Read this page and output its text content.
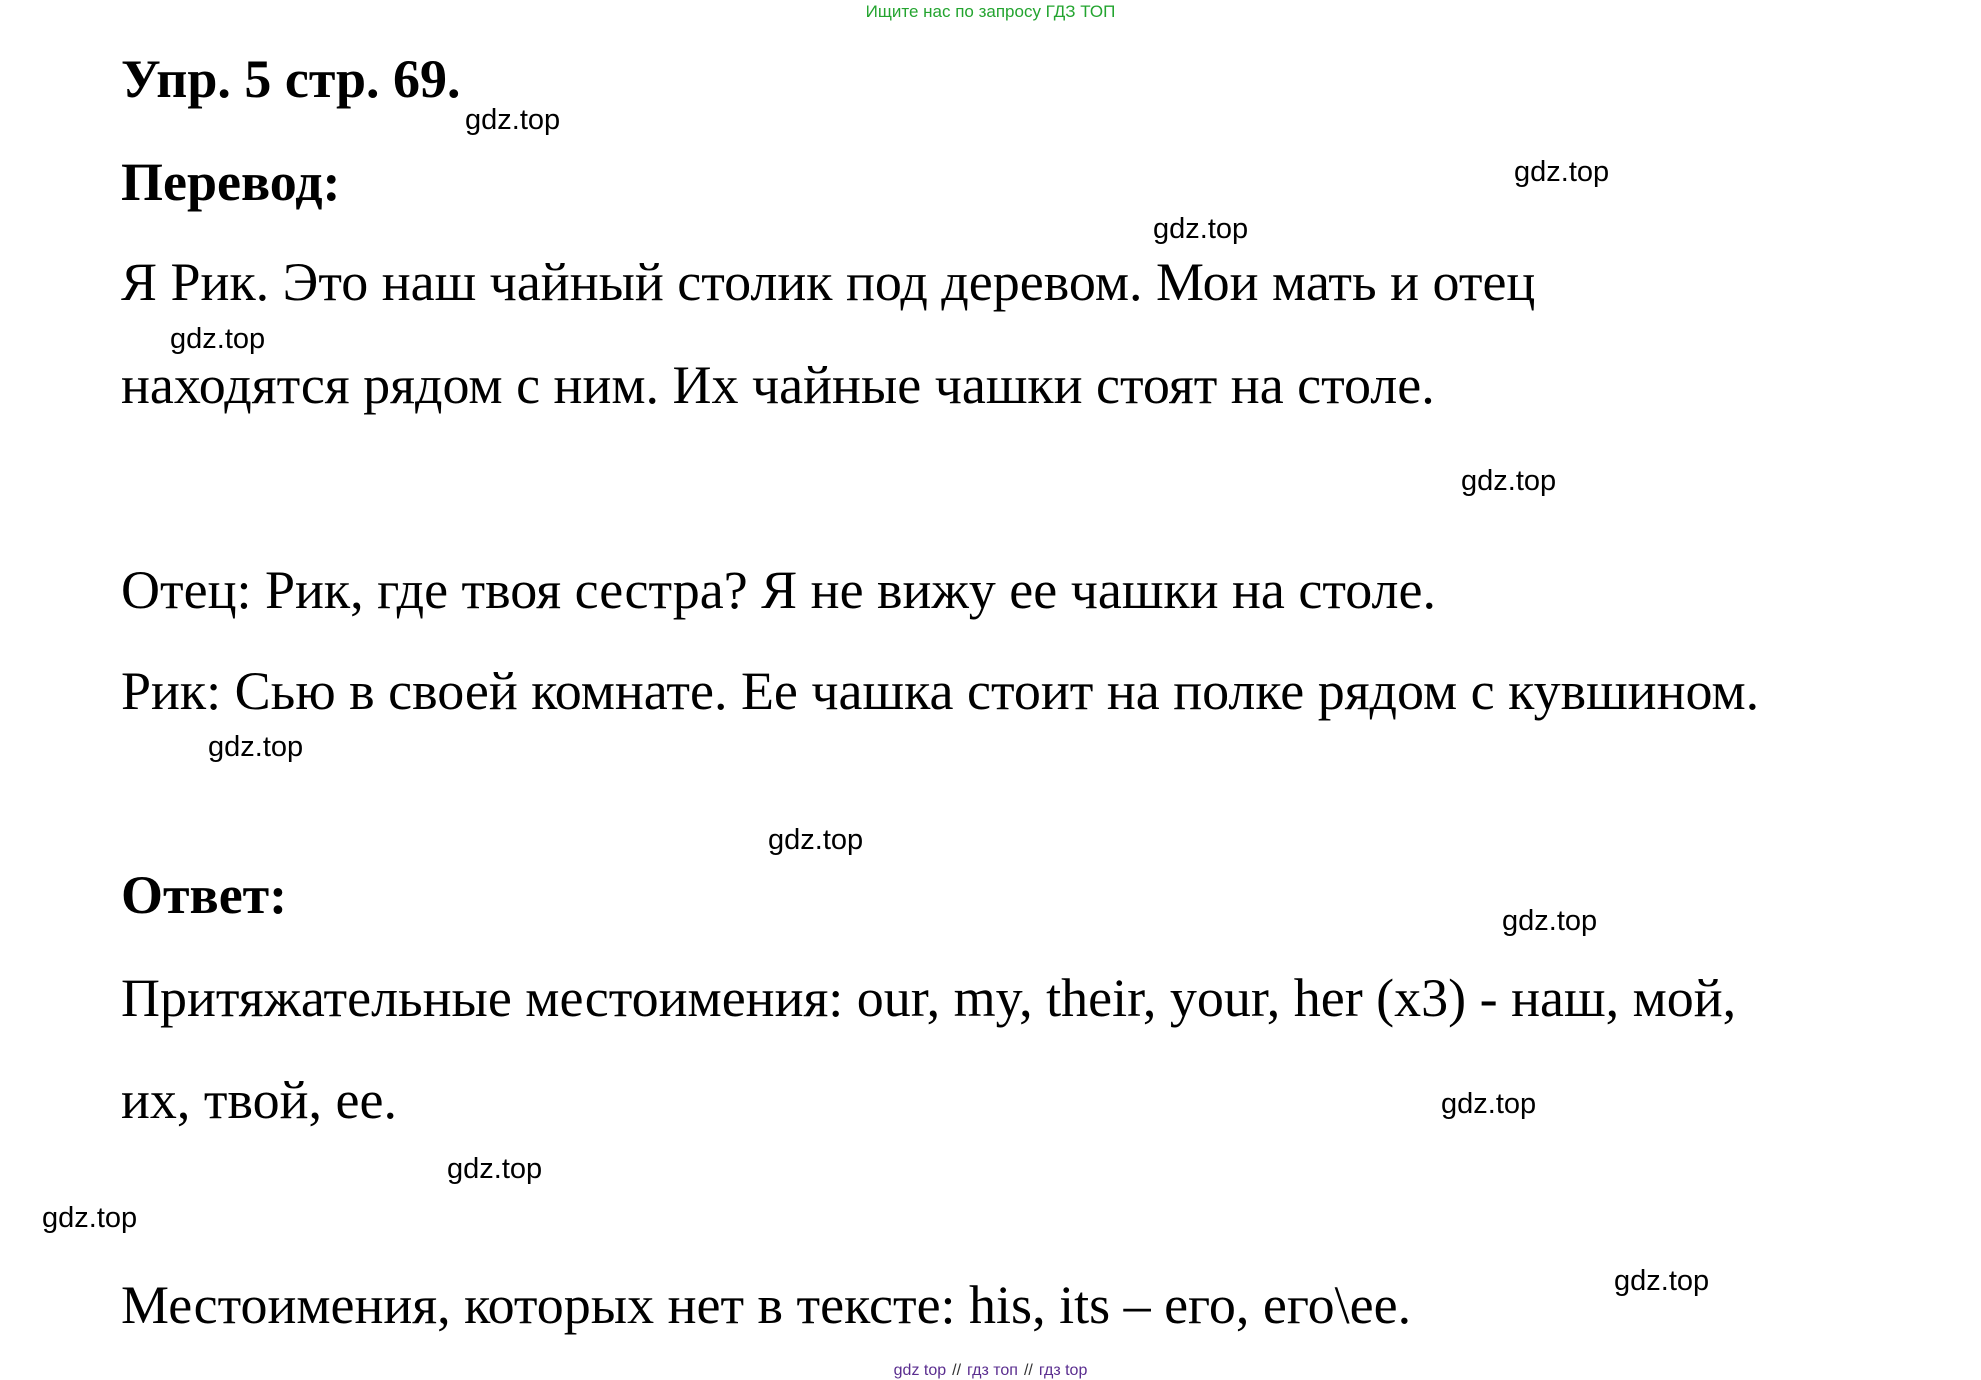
Ищите нас по запросу ГДЗ ТОП
Упр. 5 стр. 69.
gdz.top
Перевод:	gdz.top
gdz.top
Я Рик. Это наш чайный столик под деревом. Мои мать и отец
gdz.top
находятся рядом с ним. Их чайные чашки стоят на столе.
gdz.top
Отец: Рик, где твоя сестра? Я не вижу ее чашки на столе.
Рик: Сью в своей комнате. Ее чашка стоит на полке рядом с кувшином.
gdz.top
gdz.top
Ответ:	gdz.top
Притяжательные местоимения: our, my, their, your, her (x3) - наш, мой,
их, твой, ее.	gdz.top
gdz.top
gdz.top
gdz.top
Местоимения, которых нет в тексте: his, its – его, его\ее.
gdz top // гдз топ // гдз top
